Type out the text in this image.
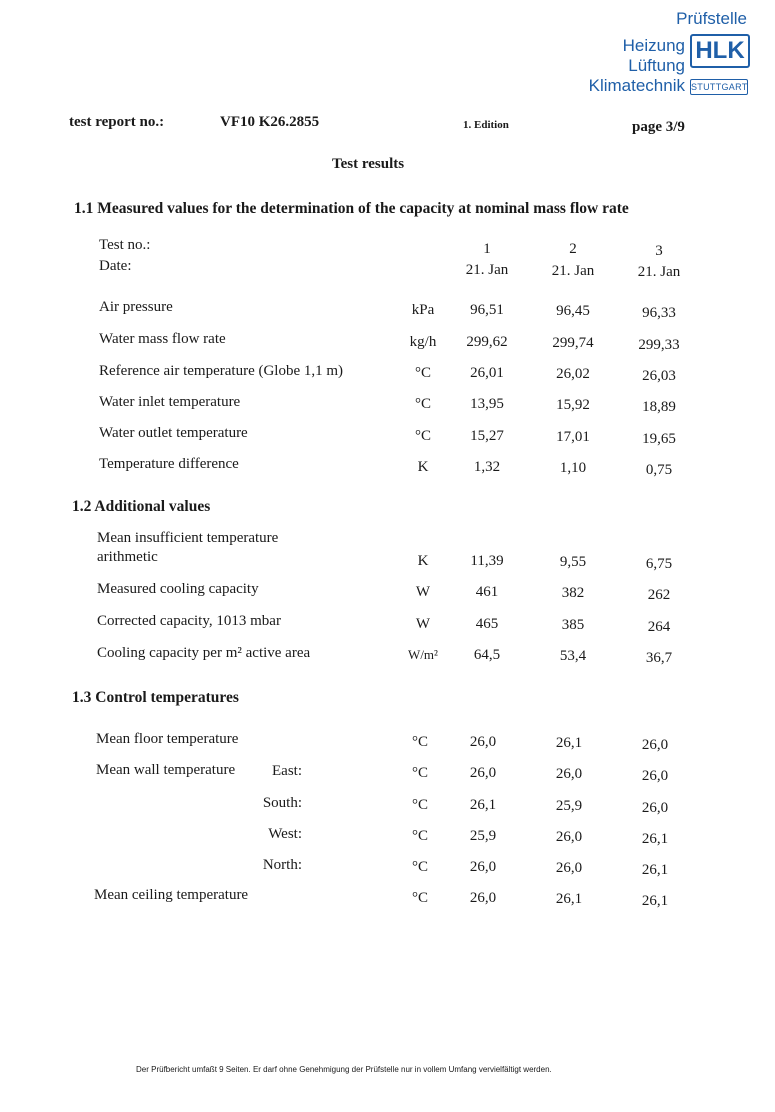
Prüfstelle
Heizung
Lüftung
Klimatechnik
HLK
STUTTGART
test report no.:	VF10 K26.2855	1. Edition	page 3/9
Test results
1.1 Measured values for the determination of the capacity at nominal mass flow rate
Test no.:
Date:
1	2	3
21. Jan	21. Jan	21. Jan
Air pressure	kPa	96,51	96,45	96,33
Water mass flow rate	kg/h	299,62	299,74	299,33
Reference air temperature (Globe 1,1 m)	°C	26,01	26,02	26,03
Water inlet temperature	°C	13,95	15,92	18,89
Water outlet temperature	°C	15,27	17,01	19,65
Temperature difference	K	1,32	1,10	0,75
1.2 Additional values
Mean insufficient temperature
arithmetic	K	11,39	9,55	6,75
Measured cooling capacity	W	461	382	262
Corrected capacity, 1013 mbar	W	465	385	264
Cooling capacity per m² active area	W/m²	64,5	53,4	36,7
1.3 Control temperatures
Mean floor temperature	°C	26,0	26,1	26,0
Mean wall temperature	East:	°C	26,0	26,0	26,0
South:	°C	26,1	25,9	26,0
West:	°C	25,9	26,0	26,1
North:	°C	26,0	26,0	26,1
Mean ceiling temperature	°C	26,0	26,1	26,1
Der Prüfbericht umfaßt 9 Seiten. Er darf ohne Genehmigung der Prüfstelle nur in vollem Umfang vervielfältigt werden.
